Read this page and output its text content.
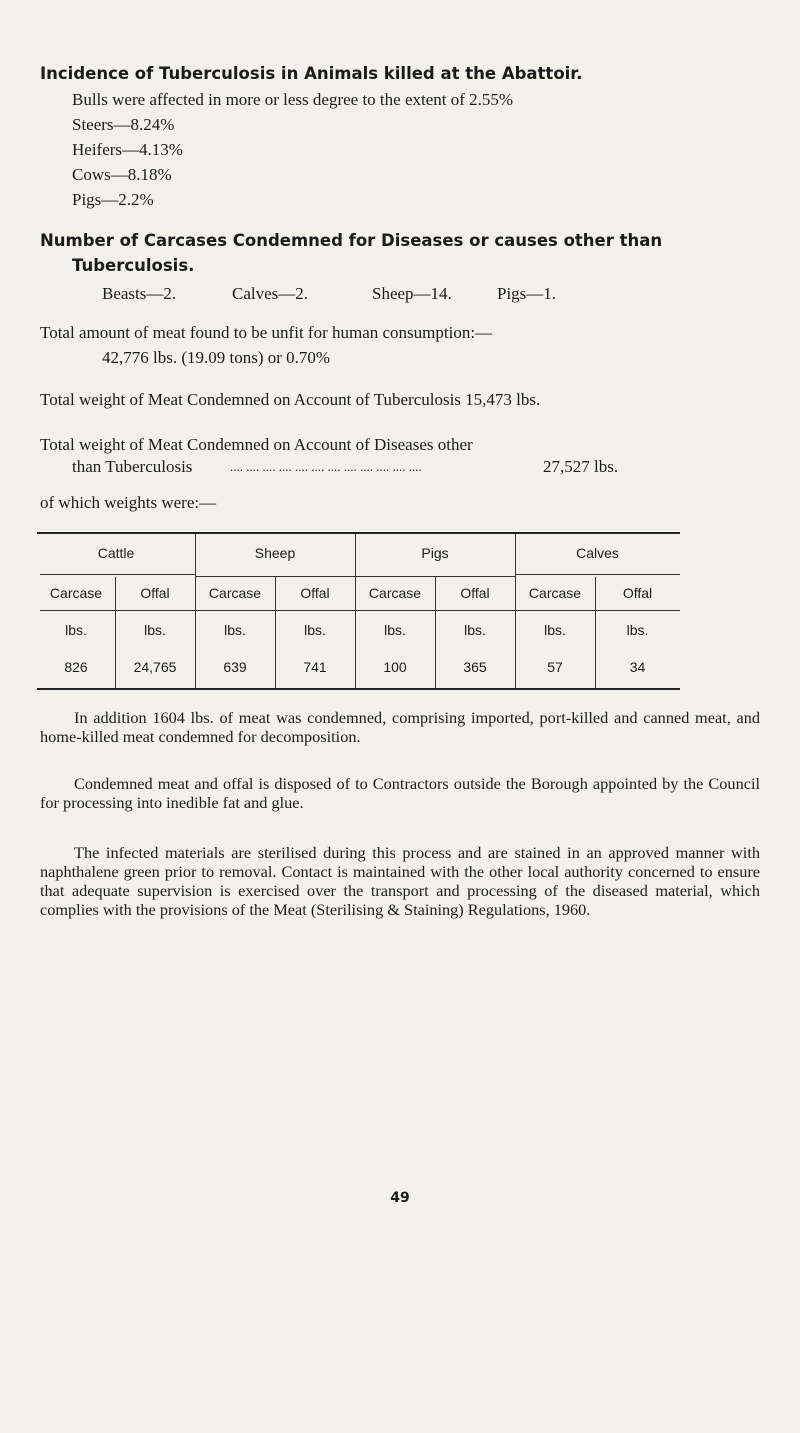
Incidence of Tuberculosis in Animals killed at the Abattoir.
Bulls were affected in more or less degree to the extent of 2.55%
Steers—8.24%
Heifers—4.13%
Cows—8.18%
Pigs—2.2%
Number of Carcases Condemned for Diseases or causes other than
Tuberculosis.
Beasts—2.	Calves—2.	Sheep—14.	Pigs—1.
Total amount of meat found to be unfit for human consumption:—
42,776 lbs. (19.09 tons) or 0.70%
Total weight of Meat Condemned on Account of Tuberculosis 15,473 lbs.
Total weight of Meat Condemned on Account of Diseases other
than Tuberculosis	.... .... .... .... .... .... .... .... .... .... .... ....	27,527 lbs.
of which weights were:—
Cattle	Sheep	Pigs	Calves
Carcase	Offal	Carcase	Offal	Carcase	Offal	Carcase	Offal
lbs.	lbs.	lbs.	lbs.	lbs.	lbs.	lbs.	lbs.
826	24,765	639	741	100	365	57	34
In addition 1604 lbs. of meat was condemned, comprising imported, port-killed and canned meat, and home-killed meat condemned for decomposition.
Condemned meat and offal is disposed of to Contractors outside the Borough appointed by the Council for processing into inedible fat and glue.
The infected materials are sterilised during this process and are stained in an approved manner with naphthalene green prior to removal. Contact is maintained with the other local authority concerned to ensure that adequate supervision is exercised over the transport and processing of the diseased material, which complies with the provisions of the Meat (Sterilising & Staining) Regulations, 1960.
49
